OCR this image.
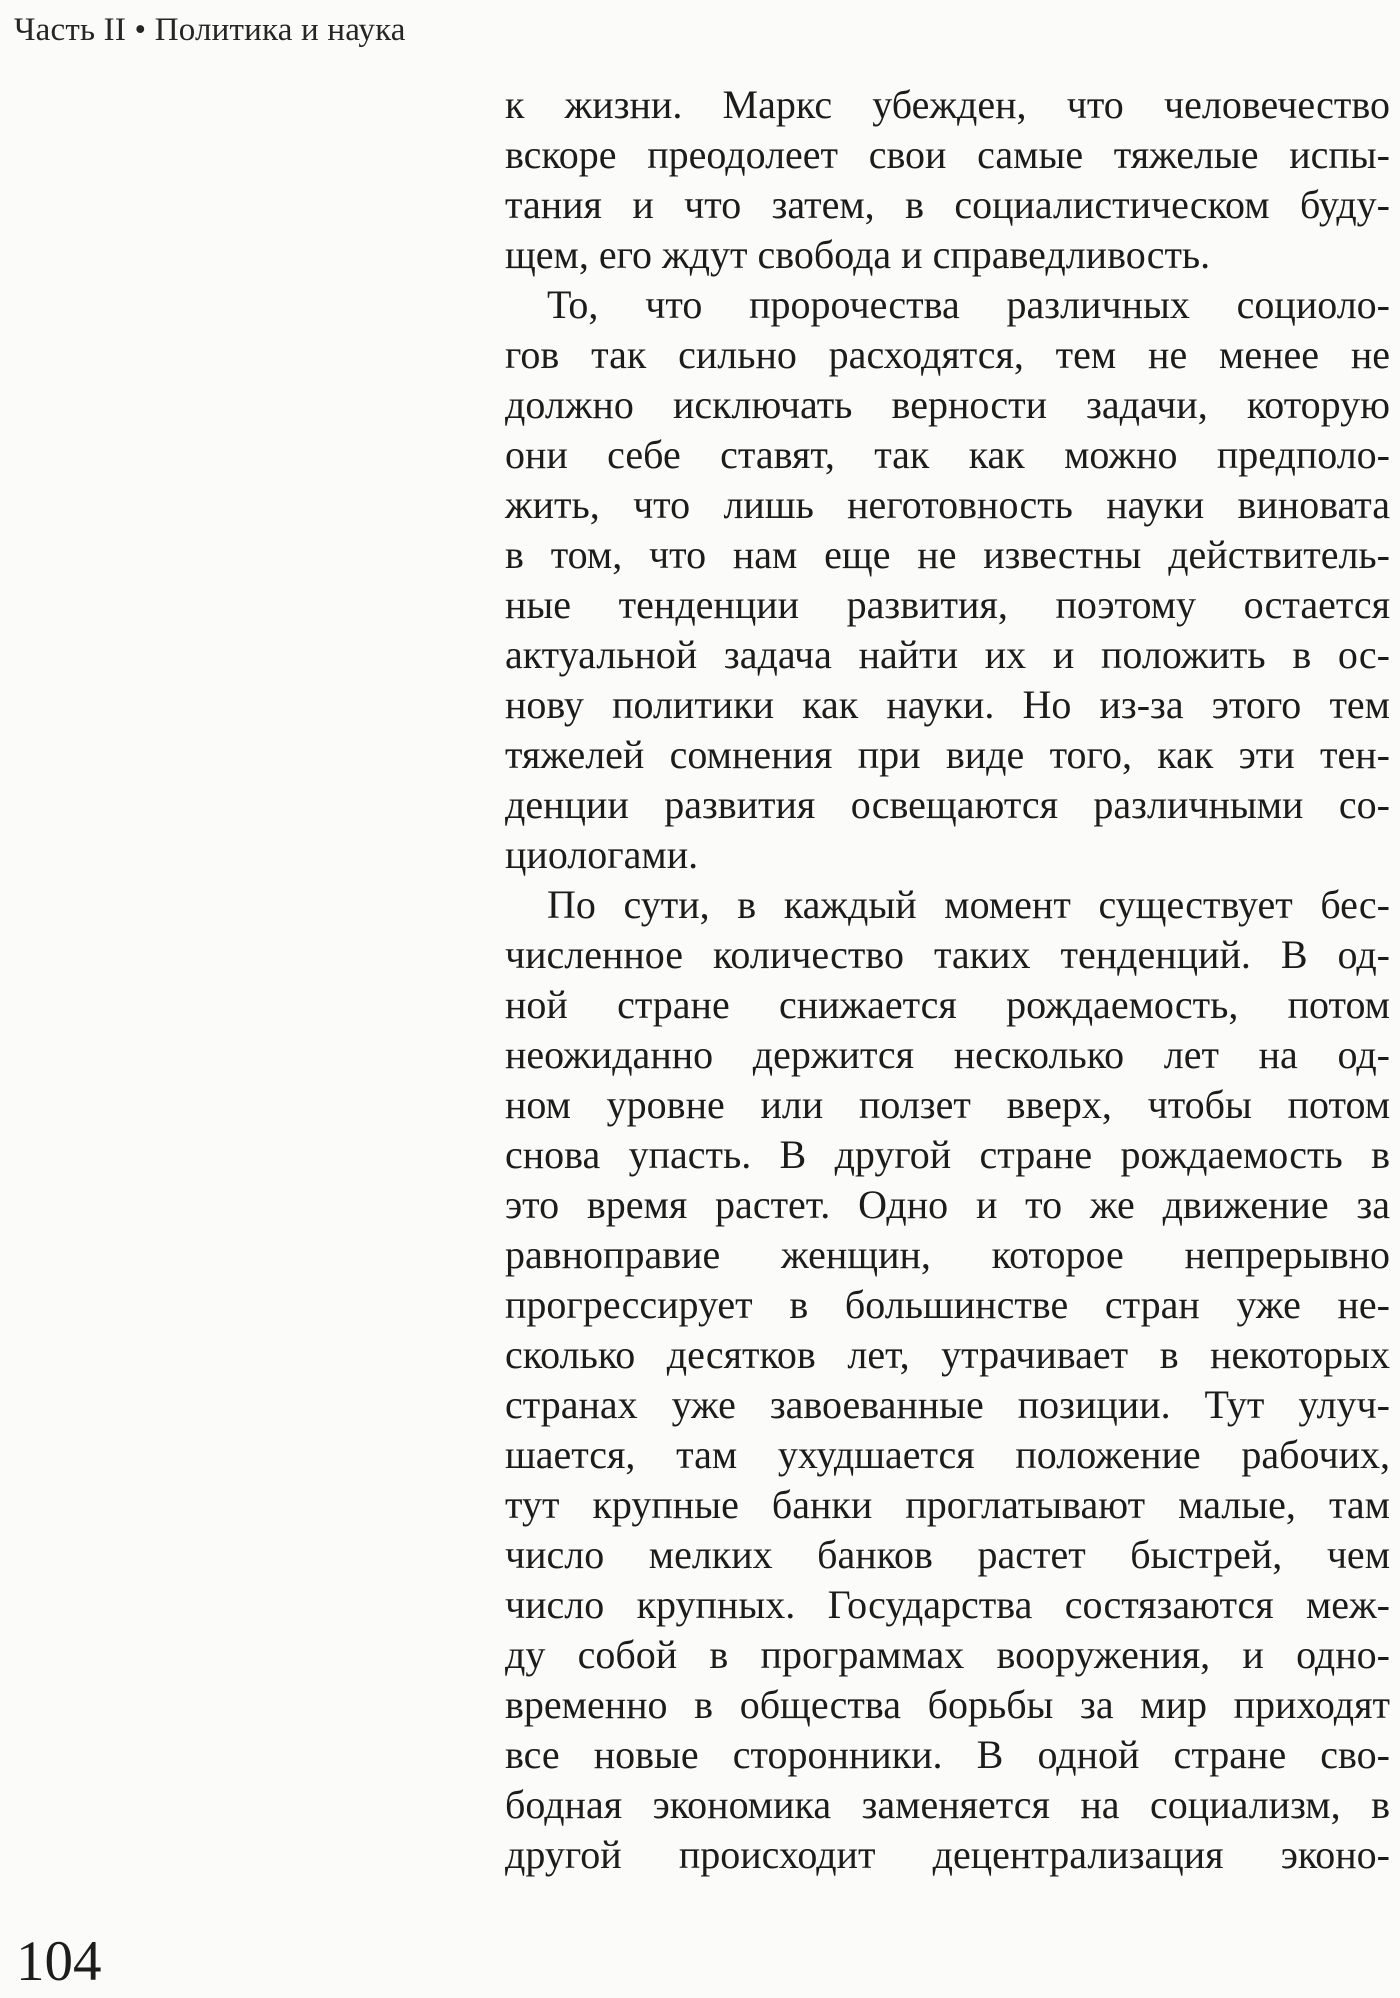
Часть II • Политика и наука
к жизни. Маркс убежден, что человечество
вскоре преодолеет свои самые тяжелые испы-
тания и что затем, в социалистическом буду-
щем, его ждут свобода и справедливость.
То, что пророчества различных социоло-
гов так сильно расходятся, тем не менее не
должно исключать верности задачи, которую
они себе ставят, так как можно предполо-
жить, что лишь неготовность науки виновата
в том, что нам еще не известны действитель-
ные тенденции развития, поэтому остается
актуальной задача найти их и положить в ос-
нову политики как науки. Но из-за этого тем
тяжелей сомнения при виде того, как эти тен-
денции развития освещаются различными со-
циологами.
По сути, в каждый момент существует бес-
численное количество таких тенденций. В од-
ной стране снижается рождаемость, потом
неожиданно держится несколько лет на од-
ном уровне или ползет вверх, чтобы потом
снова упасть. В другой стране рождаемость в
это время растет. Одно и то же движение за
равноправие женщин, которое непрерывно
прогрессирует в большинстве стран уже не-
сколько десятков лет, утрачивает в некоторых
странах уже завоеванные позиции. Тут улуч-
шается, там ухудшается положение рабочих,
тут крупные банки проглатывают малые, там
число мелких банков растет быстрей, чем
число крупных. Государства состязаются меж-
ду собой в программах вооружения, и одно-
временно в общества борьбы за мир приходят
все новые сторонники. В одной стране сво-
бодная экономика заменяется на социализм, в
другой происходит децентрализация эконо-
104
